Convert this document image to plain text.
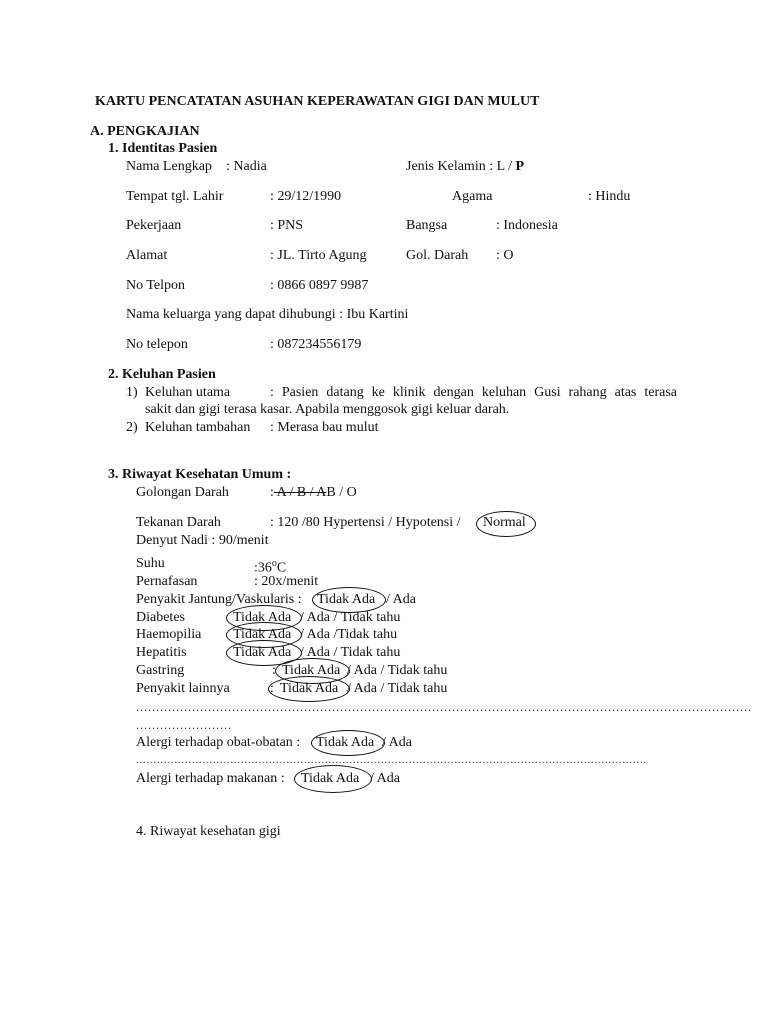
KARTU PENCATATAN ASUHAN KEPERAWATAN GIGI DAN MULUT
A. PENGKAJIAN
1. Identitas Pasien
Nama Lengkap : Nadia	Jenis Kelamin : L / P
Tempat tgl. Lahir	: 29/12/1990	Agama	: Hindu
Pekerjaan	: PNS	Bangsa	: Indonesia
Alamat	: JL. Tirto Agung	Gol. Darah : O
No Telpon	: 0866 0897 9987
Nama keluarga yang dapat dihubungi : Ibu Kartini
No telepon	: 087234556179
2. Keluhan Pasien
1) Keluhan utama	: Pasien datang ke klinik dengan keluhan Gusi rahang atas terasa
sakit dan gigi terasa kasar. Apabila menggosok gigi keluar darah.
2) Keluhan tambahan : Merasa bau mulut
3. Riwayat Kesehatan Umum :
Golongan Darah	: A / B / AB / O
Tekanan Darah	: 120 /80 Hypertensi / Hypotensi / Normal
Denyut Nadi : 90/menit
Suhu	:36$^o$C
Pernafasan	: 20x/menit
Penyakit Jantung/Vaskularis : Tidak Ada / Ada
Diabetes	Tidak Ada / Ada / Tidak tahu
Haemopilia Tidak Ada / Ada /Tidak tahu
Hepatitis	Tidak Ada / Ada / Tidak tahu
Gastring	: Tidak Ada / Ada / Tidak tahu
Penyakit lainnya	: Tidak Ada / Ada / Tidak tahu
..........................................................................................................................................................
........................
Alergi terhadap obat-obatan : Tidak Ada / Ada
..................................................................................................................................................
Alergi terhadap makanan : Tidak Ada / Ada
4. Riwayat kesehatan gigi
